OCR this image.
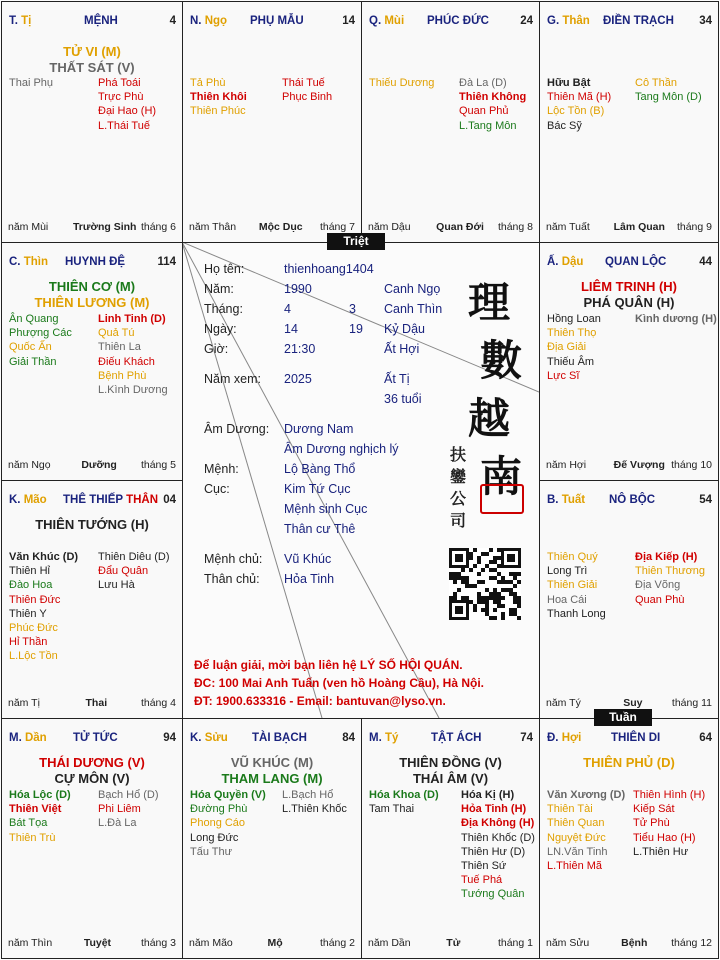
Họ tên:	thienhoang1404
Năm:	1990	Canh Ngọ
Tháng:	4	3 Canh Thìn
Ngày:	14	19 Kỷ Dậu
Giờ:	21:30	Ất Hợi
Năm xem: 2025	Ất Tị
36 tuổi
Âm Dương: Dương Nam
Âm Dương nghịch lý
Mệnh:	Lộ Bàng Thổ
Cục:	Kim Tứ Cục
Mệnh sinh Cục
Thân cư Thê
Mệnh chủ: Vũ Khúc
Thân chủ: Hỏa Tinh
理
數
越
南
扶
鑾
公
司
Để luận giải, mời bạn liên hệ LÝ SỐ HỘI QUÁN.
ĐC: 100 Mai Anh Tuấn (ven hồ Hoàng Cầu), Hà Nội.
ĐT: 1900.633316 - Email: bantuvan@lyso.vn.
T. Tị	MỆNH	4
TỬ VI (M)
THẤT SÁT (V)
Thai Phụ	Phá Toái
Trực Phù
Đại Hao (H)
L.Thái Tuế
năm Mùi Trường Sinh tháng 6
N. Ngọ PHỤ MẪU	14
Tả Phù
Thiên Khôi
Thiên Phúc
Thái Tuế
Phục Binh
năm Thân Mộc Dục tháng 7
Q. Mùi PHÚC ĐỨC	24
Thiếu Dương Đà La (D)
Thiên Không
Quan Phủ
L.Tang Môn
năm Dậu Quan Đới tháng 8
G. Thân ĐIỀN TRẠCH 34
Hữu Bật
Thiên Mã (H)
Lộc Tồn (B)
Bác Sỹ
Cô Thần
Tang Môn (D)
năm Tuất Lâm Quan tháng 9
C. Thìn HUYNH ĐỆ	114
THIÊN CƠ (M)
THIÊN LƯƠNG (M)
Ân Quang
Phượng Các
Quốc Ấn
Giải Thần
Linh Tinh (D)
Quả Tú
Thiên La
Điếu Khách
Bệnh Phù
L.Kình Dương
năm Ngọ	Dưỡng tháng 5
Ấ. Dậu QUAN LỘC	44
LIÊM TRINH (H)
PHÁ QUÂN (H)
Hồng Loan
Thiên Thọ
Địa Giải
Thiếu Âm
Lực Sĩ
Kình dương (H)
năm Hợi	Đế Vượng tháng 10
K. Mão THÊ THIẾP THÂN 04
THIÊN TƯỚNG (H)
Văn Khúc (D)
Thiên Hỉ
Đào Hoa
Thiên Đức
Thiên Y
Phúc Đức
Hỉ Thần
L.Lộc Tồn
Thiên Diêu (D)
Đẩu Quân
Lưu Hà
năm Tị	Thai	tháng 4
B. Tuất NÔ BỘC	54
Thiên Quý
Long Trì
Thiên Giải
Hoa Cái
Thanh Long
Địa Kiếp (H)
Thiên Thương
Địa Võng
Quan Phù
năm Tý	Suy	tháng 11
M. Dần TỬ TỨC	94
THÁI DƯƠNG (V)
CỰ MÔN (V)
Hóa Lộc (D)
Thiên Việt
Bát Tọa
Thiên Trù
Bạch Hổ (D)
Phi Liêm
L.Đà La
năm Thìn	Tuyệt	tháng 3
K. Sửu TÀI BẠCH	84
VŨ KHÚC (M)
THAM LANG (M)
Hóa Quyền (V)
Đường Phù
Phong Cáo
Long Đức
Tấu Thư
L.Bạch Hổ
L.Thiên Khốc
năm Mão	Mộ	tháng 2
M. Tý	TẬT ÁCH	74
THIÊN ĐỒNG (V)
THÁI ÂM (V)
Hóa Khoa (D)
Tam Thai
Hóa Kị (H)
Hỏa Tinh (H)
Địa Không (H)
Thiên Khốc (D)
Thiên Hư (D)
Thiên Sứ
Tuế Phá
Tướng Quân
năm Dần	Tử	tháng 1
Đ. Hợi	THIÊN DI	64
THIÊN PHỦ (D)
Văn Xương (D)
Thiên Tài
Thiên Quan
Nguyệt Đức
LN.Văn Tinh
L.Thiên Mã
Thiên Hình (H)
Kiếp Sát
Tử Phù
Tiểu Hao (H)
L.Thiên Hư
năm Sửu	Bệnh tháng 12
Triệt
Tuần
